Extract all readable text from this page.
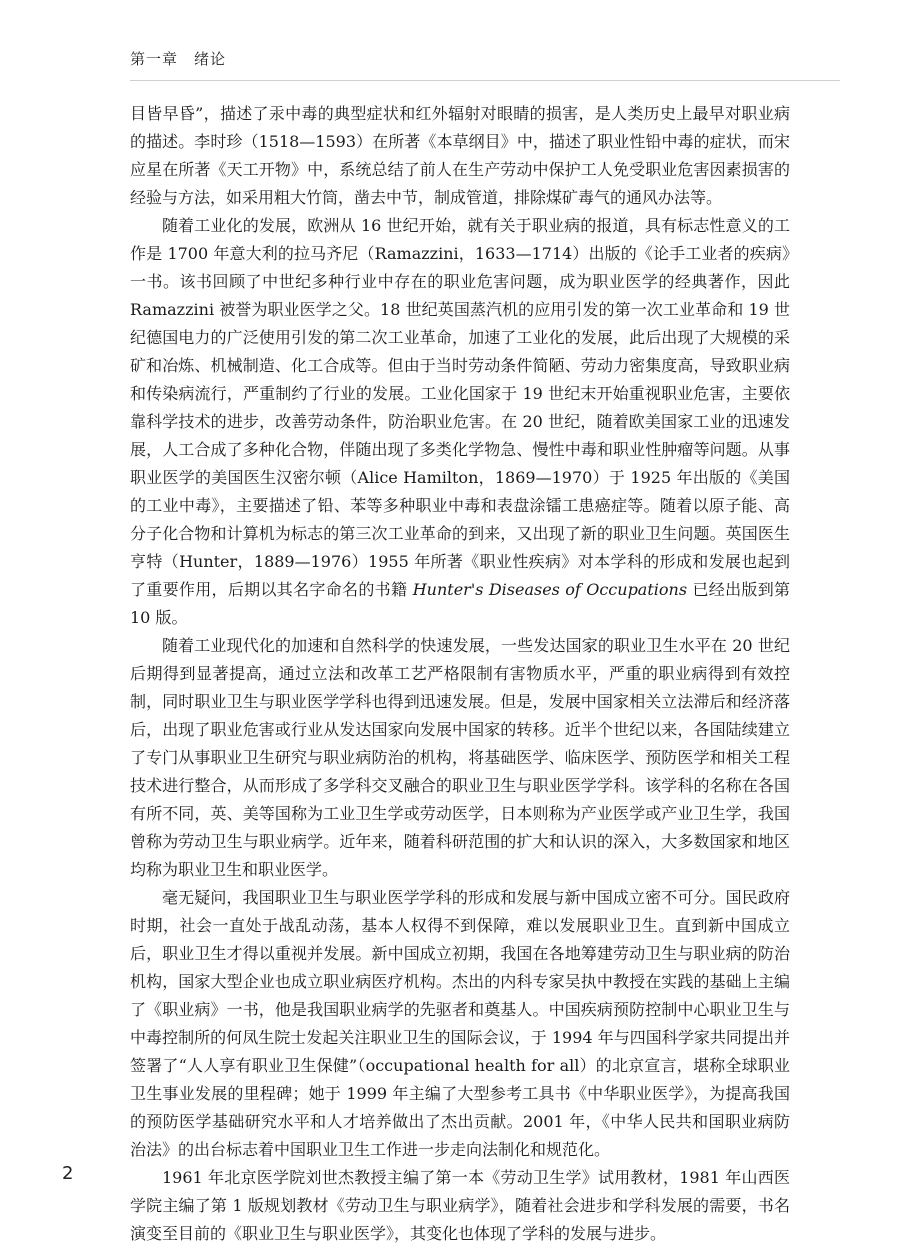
第一章　绪论

目皆早昏”，描述了汞中毒的典型症状和红外辐射对眼睛的损害，是人类历史上最早对职业病的描述。李时珍（1518—1593）在所著《本草纲目》中，描述了职业性铅中毒的症状，而宋应星在所著《天工开物》中，系统总结了前人在生产劳动中保护工人免受职业危害因素损害的经验与方法，如采用粗大竹筒，凿去中节，制成管道，排除煤矿毒气的通风办法等。

随着工业化的发展，欧洲从 16 世纪开始，就有关于职业病的报道，具有标志性意义的工作是 1700 年意大利的拉马齐尼（Ramazzini，1633—1714）出版的《论手工业者的疾病》一书。该书回顾了中世纪多种行业中存在的职业危害问题，成为职业医学的经典著作，因此 Ramazzini 被誉为职业医学之父。18 世纪英国蒸汽机的应用引发的第一次工业革命和 19 世纪德国电力的广泛使用引发的第二次工业革命，加速了工业化的发展，此后出现了大规模的采矿和冶炼、机械制造、化工合成等。但由于当时劳动条件简陋、劳动力密集度高，导致职业病和传染病流行，严重制约了行业的发展。工业化国家于 19 世纪末开始重视职业危害，主要依靠科学技术的进步，改善劳动条件，防治职业危害。在 20 世纪，随着欧美国家工业的迅速发展，人工合成了多种化合物，伴随出现了多类化学物急、慢性中毒和职业性肿瘤等问题。从事职业医学的美国医生汉密尔顿（Alice Hamilton，1869—1970）于 1925 年出版的《美国的工业中毒》，主要描述了铅、苯等多种职业中毒和表盘涂镭工患癌症等。随着以原子能、高分子化合物和计算机为标志的第三次工业革命的到来，又出现了新的职业卫生问题。英国医生亨特（Hunter，1889—1976）1955 年所著《职业性疾病》对本学科的形成和发展也起到了重要作用，后期以其名字命名的书籍 Hunter's Diseases of Occupations 已经出版到第 10 版。

随着工业现代化的加速和自然科学的快速发展，一些发达国家的职业卫生水平在 20 世纪后期得到显著提高，通过立法和改革工艺严格限制有害物质水平，严重的职业病得到有效控制，同时职业卫生与职业医学学科也得到迅速发展。但是，发展中国家相关立法滞后和经济落后，出现了职业危害或行业从发达国家向发展中国家的转移。近半个世纪以来，各国陆续建立了专门从事职业卫生研究与职业病防治的机构，将基础医学、临床医学、预防医学和相关工程技术进行整合，从而形成了多学科交叉融合的职业卫生与职业医学学科。该学科的名称在各国有所不同，英、美等国称为工业卫生学或劳动医学，日本则称为产业医学或产业卫生学，我国曾称为劳动卫生与职业病学。近年来，随着科研范围的扩大和认识的深入，大多数国家和地区均称为职业卫生和职业医学。

毫无疑问，我国职业卫生与职业医学学科的形成和发展与新中国成立密不可分。国民政府时期，社会一直处于战乱动荡，基本人权得不到保障，难以发展职业卫生。直到新中国成立后，职业卫生才得以重视并发展。新中国成立初期，我国在各地筹建劳动卫生与职业病的防治机构，国家大型企业也成立职业病医疗机构。杰出的内科专家吴执中教授在实践的基础上主编了《职业病》一书，他是我国职业病学的先驱者和奠基人。中国疾病预防控制中心职业卫生与中毒控制所的何凤生院士发起关注职业卫生的国际会议，于 1994 年与四国科学家共同提出并签署了“人人享有职业卫生保健”（occupational health for all）的北京宣言，堪称全球职业卫生事业发展的里程碑；她于 1999 年主编了大型参考工具书《中华职业医学》，为提高我国的预防医学基础研究水平和人才培养做出了杰出贡献。2001 年，《中华人民共和国职业病防治法》的出台标志着中国职业卫生工作进一步走向法制化和规范化。

1961 年北京医学院刘世杰教授主编了第一本《劳动卫生学》试用教材，1981 年山西医学院主编了第 1 版规划教材《劳动卫生与职业病学》，随着社会进步和学科发展的需要，书名演变至目前的《职业卫生与职业医学》，其变化也体现了学科的发展与进步。

2
